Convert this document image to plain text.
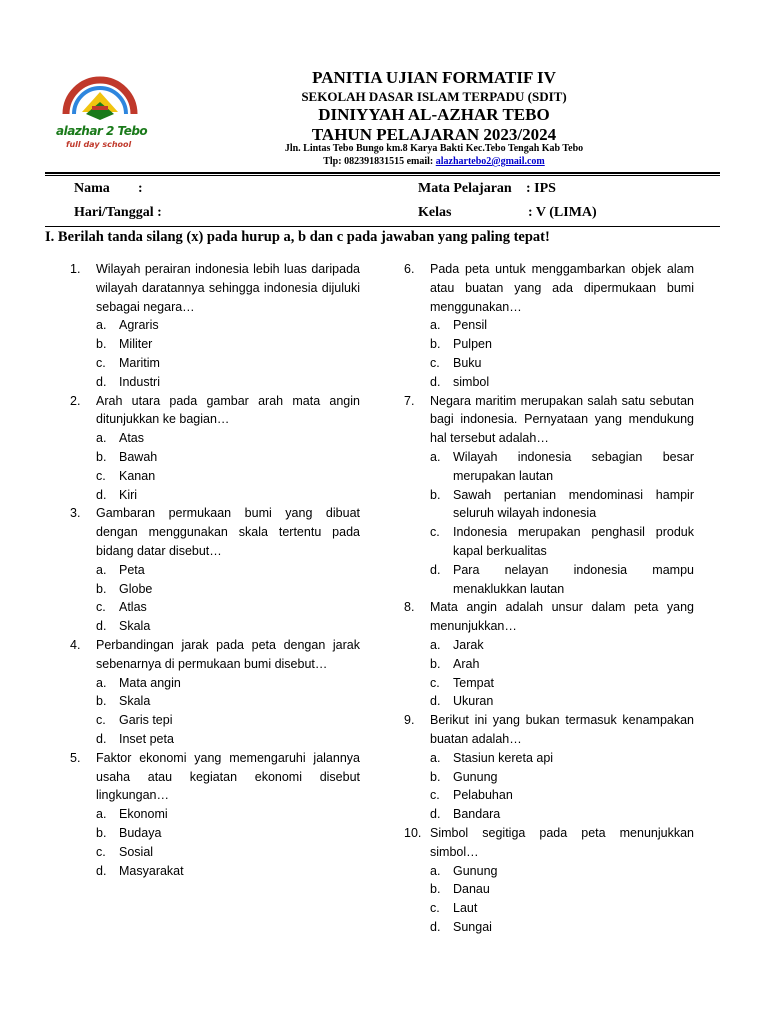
alazhar 2 Tebo
full day school
PANITIA UJIAN FORMATIF IV
SEKOLAH DASAR ISLAM TERPADU (SDIT)
DINIYYAH AL-AZHAR TEBO
TAHUN PELAJARAN 2023/2024
Jln. Lintas Tebo Bungo km.8 Karya Bakti Kec.Tebo Tengah Kab Tebo
Tlp: 082391831515 email: alazhartebo2@gmail.com
Nama :
Hari/Tanggal :
Mata Pelajaran : IPS
Kelas	: V (LIMA)
I. Berilah tanda silang (x) pada hurup a, b dan c pada jawaban yang paling tepat!
1. Wilayah perairan indonesia lebih luas daripada wilayah daratannya sehingga indonesia dijuluki sebagai negara…
a. Agraris
b. Militer
c. Maritim
d. Industri
2. Arah utara pada gambar arah mata angin ditunjukkan ke bagian…
a. Atas
b. Bawah
c. Kanan
d. Kiri
3. Gambaran permukaan bumi yang dibuat dengan menggunakan skala tertentu pada bidang datar disebut…
a. Peta
b. Globe
c. Atlas
d. Skala
4. Perbandingan jarak pada peta dengan jarak sebenarnya di permukaan bumi disebut…
a. Mata angin
b. Skala
c. Garis tepi
d. Inset peta
5. Faktor ekonomi yang memengaruhi jalannya usaha atau kegiatan ekonomi disebut lingkungan…
a. Ekonomi
b. Budaya
c. Sosial
d. Masyarakat
6. Pada peta untuk menggambarkan objek alam atau buatan yang ada dipermukaan bumi menggunakan…
a. Pensil
b. Pulpen
c. Buku
d. simbol
7. Negara maritim merupakan salah satu sebutan bagi indonesia. Pernyataan yang mendukung hal tersebut adalah…
a. Wilayah indonesia sebagian besar merupakan lautan
b. Sawah pertanian mendominasi hampir seluruh wilayah indonesia
c. Indonesia merupakan penghasil produk kapal berkualitas
d. Para nelayan indonesia mampu menaklukkan lautan
8. Mata angin adalah unsur dalam peta yang menunjukkan…
a. Jarak
b. Arah
c. Tempat
d. Ukuran
9. Berikut ini yang bukan termasuk kenampakan buatan adalah…
a. Stasiun kereta api
b. Gunung
c. Pelabuhan
d. Bandara
10. Simbol segitiga pada peta menunjukkan simbol…
a. Gunung
b. Danau
c. Laut
d. Sungai
